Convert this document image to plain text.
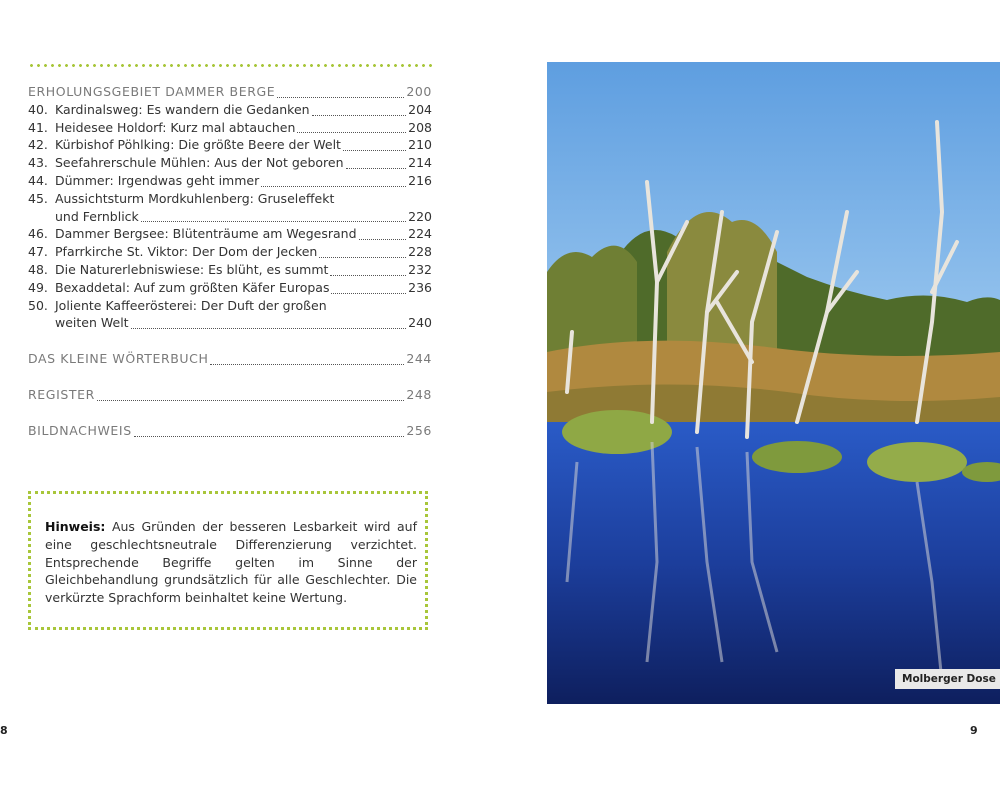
ERHOLUNGSGEBIET DAMMER BERGE	200
40. Kardinalsweg: Es wandern die Gedanken	204
41. Heidesee Holdorf: Kurz mal abtauchen	208
42. Kürbishof Pöhlking: Die größte Beere der Welt	210
43. Seefahrerschule Mühlen: Aus der Not geboren	214
44. Dümmer: Irgendwas geht immer	216
45. Aussichtsturm Mordkuhlenberg: Gruseleffekt
und Fernblick	220
46. Dammer Bergsee: Blütenträume am Wegesrand	224
47. Pfarrkirche St. Viktor: Der Dom der Jecken	228
48. Die Naturerlebniswiese: Es blüht, es summt	232
49. Bexaddetal: Auf zum größten Käfer Europas	236
50. Joliente Kaffeerösterei: Der Duft der großen
weiten Welt	240
DAS KLEINE WÖRTERBUCH	244
REGISTER	248
BILDNACHWEIS	256
Hinweis: Aus Gründen der besseren Lesbarkeit wird auf eine geschlechtsneutrale Differenzierung verzichtet. Entsprechende Begriffe gelten im Sinne der Gleichbehandlung grundsätzlich für alle Geschlechter. Die verkürzte Sprachform beinhaltet keine Wertung.
Molberger Dose
8	9
